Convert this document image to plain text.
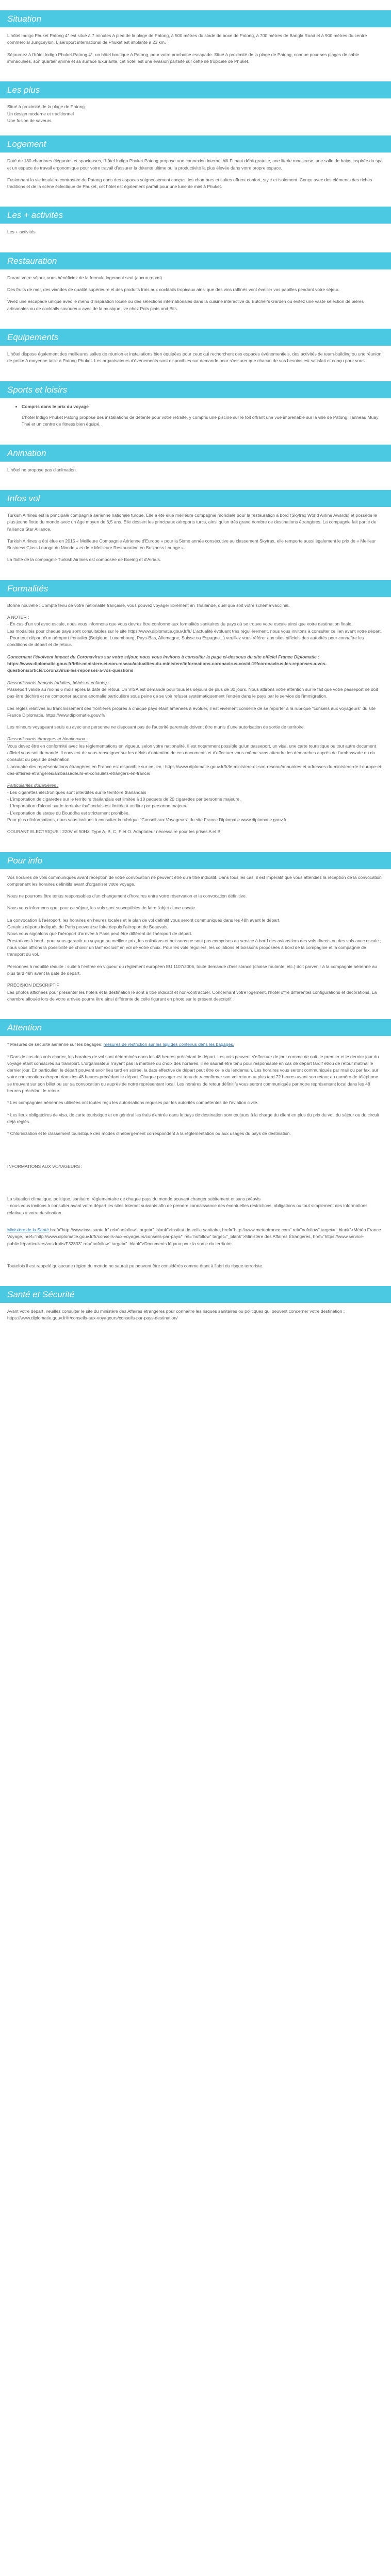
Situation

L'hôtel Indigo Phuket Patong 4* est situé à 7 minutes à pied de la plage de Patong, à 500 mètres du stade de boxe de Patong, à 700 mètres de Bangla Road et à 900 mètres du centre commercial Jungceylon. L'aéroport international de Phuket est implanté à 23 km.

Séjournez à l'hôtel Indigo Phuket Patong 4*, un hôtel boutique à Patong, pour votre prochaine escapade. Situé à proximité de la plage de Patong, connue pour ses plages de sable immaculées, son quartier animé et sa surface luxuriante, cet hôtel est une évasion parfaite sur cette île tropicale de Phuket.

Les plus
Situé à proximité de la plage de Patong
Un design moderne et traditionnel
Une fusion de saveurs
Logement

Doté de 180 chambres élégantes et spacieuses, l'hôtel Indigo Phuket Patong propose une connexion internet Wi-Fi haut débit gratuite, une literie moelleuse, une salle de bains inspirée du spa et un espace de travail ergonomique pour votre travail d'assurer la détente ultime ou la productivité la plus élevée dans votre propre espace.

Fusionnant la vie insulaire contrastée de Patong dans des espaces soigneusement conçus, les chambres et suites offrent confort, style et isolement. Conçu avec des éléments des riches traditions et de la scène éclectique de Phuket, cet hôtel est également parfait pour une lune de miel à Phuket.

Les + activités

Les + activités

Restauration

Durant votre séjour, vous bénéficiez de la formule logement seul (aucun repas).

Des fruits de mer, des viandes de qualité supérieure et des produits frais aux cocktails tropicaux ainsi que des vins raffinés vont éveiller vos papilles pendant votre séjour.

Vivez une escapade unique avec le menu d'inspiration locale ou des sélections internationales dans la cuisine interactive du Butcher's Garden ou évitez une vaste sélection de bières artisanales ou de cocktails savoureux avec de la musique live chez Pots pints and Bits.

Equipements

L'hôtel dispose également des meilleures salles de réunion et installations bien équipées pour ceux qui recherchent des espaces événementiels, des activités de team-building ou une réunion de petite à moyenne taille à Patong Phuket. Les organisateurs d'événements sont disponibles sur demande pour s'assurer que chacun de vos besoins est satisfait et conçu pour vous.

Sports et loisirs
• Compris dans le prix du voyage

L'hôtel Indigo Phuket Patong propose des installations de détente pour votre retraite, y compris une piscine sur le toit offrant une vue imprenable sur la ville de Patong, l'anneau Muay Thai et un centre de fitness bien équipé.

Animation

L'hôtel ne propose pas d'animation.

Infos vol

Turkish Airlines est la principale compagnie aérienne nationale turque. Elle a été élue meilleure compagnie mondiale pour la restauration à bord (Skytrax World Airline Awards) et possède le plus jeune flotte du monde avec un âge moyen de 6,5 ans. Elle dessert les principaux aéroports turcs, ainsi qu'un très grand nombre de destinations étrangères. La compagnie fait partie de l'alliance Star Alliance.

Turkish Airlines a été élue en 2015 « Meilleure Compagnie Aérienne d'Europe » pour la 5ème année consécutive au classement Skytrax, elle remporte aussi également le prix de « Meilleur Business Class Lounge du Monde » et de « Meilleure Restauration en Business Lounge ».

La flotte de la compagnie Turkish Airlines est composée de Boeing et d'Airbus.

Formalités

Bonne nouvelle : Compte tenu de votre nationalité française, vous pouvez voyager librement en Thaïlande, quel que soit votre schéma vaccinal.

A NOTER :
- En cas d'un vol avec escale, nous vous informons que vous devrez être conforme aux formalités sanitaires du pays où se trouve votre escale ainsi que votre destination finale.
Les modalités pour chaque pays sont consultables sur le site https://www.diplomatie.gouv.fr/fr/ L'actualité évoluant très régulièrement, nous vous invitons à consulter ce lien avant votre départ.

- Pour tout départ d'un aéroport frontalier (Belgique, Luxembourg, Pays-Bas, Allemagne, Suisse ou Espagne...) veuillez vous référer aux sites officiels des autorités pour connaître les conditions de départ et de retour.

Concernant l'évolvent impact du Coronavirus sur votre séjour, nous vous invitons à consulter la page ci-dessous du site officiel France Diplomatie :

https://www.diplomatie.gouv.fr/fr/le-ministere-et-son-reseau/actualites-du-ministere/informations-coronavirus-covid-19/coronavirus-les-reponses-a-vos-questions/article/coronavirus-les-reponses-a-vos-questions

Ressortissants français (adultes, bébés et enfants) :

Passeport valide au moins 6 mois après la date de retour. Un VISA est demandé pour tous les séjours de plus de 30 jours. Nous attirons votre attention sur le fait que votre passeport ne doit pas être déchiré et ne comporter aucune anomalie particulière sous peine de se voir refuser systématiquement l'entrée dans le pays par le service de l'immigration.

Les règles relatives au franchissement des frontières propres à chaque pays étant amenées à évoluer, il est vivement conseillé de se reporter à la rubrique "conseils aux voyageurs" du site France Diplomatie, https://www.diplomatie.gouv.fr/.

Les mineurs voyageant seuls ou avec une personne ne disposant pas de l'autorité parentale doivent être munis d'une autorisation de sortie de territoire.

Ressortissants étrangers et binationaux :
Vous devez être en conformité avec les réglementations en vigueur, selon votre nationalité. Il est notamment possible qu'un passeport, un visa, une carte touristique ou tout autre document officiel vous soit demandé. Il convient de vous renseigner sur les délais d'obtention de ces documents et d'effectuer vous-même sans attendre les démarches auprès de l'ambassade ou du consulat du pays de destination.

L'annuaire des représentations étrangères en France est disponible sur ce lien : https://www.diplomatie.gouv.fr/fr/le-ministere-et-son-reseau/annuaires-et-adresses-du-ministere-de-l-europe-et-des-affaires-etrangeres/ambassadeurs-et-consulats-etrangers-en-france/

Particularités douanières :
- Les cigarettes électroniques sont interdites sur le territoire thaïlandais
- L'importation de cigarettes sur le territoire thaïlandais est limitée à 10 paquets de 20 cigarettes par personne majeure.
- L'importation d'alcool sur le territoire thaïlandais est limitée à un litre par personne majeure.
- L'exportation de statue du Bouddha est strictement prohibée.

Pour plus d'informations, nous vous invitons à consulter la rubrique "Conseil aux Voyageurs" du site France Diplomatie www.diplomatie.gouv.fr

COURANT ELECTRIQUE : 220V et 50Hz. Type A, B, C, F et O. Adaptateur nécessaire pour les prises A et B.

Pour info

Vos horaires de vols communiqués avant réception de votre convocation ne peuvent être qu'à titre indicatif. Dans tous les cas, il est impératif que vous attendiez la réception de la convocation comprenant les horaires définitifs avant d'organiser votre voyage.

Nous ne pourrons être tenus responsables d'un changement d'horaires entre votre réservation et la convocation définitive.

Nous vous informons que, pour ce séjour, les vols sont susceptibles de faire l'objet d'une escale.

La convocation à l'aéroport, les horaires en heures locales et le plan de vol définitif vous seront communiqués dans les 48h avant le départ.
Certains départs indiqués de Paris peuvent se faire depuis l'aéroport de Beauvais.
Nous vous signalons que l'aéroport d'arrivée à Paris peut être différent de l'aéroport de départ.

Prestations à bord : pour vous garantir un voyage au meilleur prix, les collations et boissons ne sont pas comprises au service à bord des avions lors des vols directs ou des vols avec escale ; nous vous offrons la possibilité de choisir un tarif exclusif en vol de votre choix. Pour les vols réguliers, les collations et boissons proposées à bord de la compagnie et la compagnie de transport du vol.

Personnes à mobilité réduite : suite à l'entrée en vigueur du règlement européen EU 1107/2006, toute demande d'assistance (chaise roulante, etc.) doit parvenir à la compagnie aérienne au plus tard 48h avant la date de départ.

PRÉCISION DESCRIPTIF

Les photos affichées pour présenter les hôtels et la destination le sont à titre indicatif et non-contractuel. Concernant votre logement, l'hôtel offre différentes configurations et décorations. La chambre allouée lors de votre arrivée pourra être ainsi différente de celle figurant en photo sur le présent descriptif.

Attention

* Mesures de sécurité aérienne sur les bagages: mesures de restriction sur les liquides contenus dans les bagages.

* Dans le cas des vols charter, les horaires de vol sont déterminés dans les 48 heures précédant le départ. Les vols peuvent s'effectuer de jour comme de nuit, le premier et le dernier jour du voyage étant consacrés au transport. L'organisateur n'ayant pas la maîtrise du choix des horaires, il ne saurait être tenu pour responsable en cas de départ tardif et/ou de retour matinal le dernier jour. En particulier, le départ pouvant avoir lieu tard en soirée, la date effective de départ peut être celle du lendemain. Les horaires vous seront communiqués par mail ou par fax, sur votre convocation aéroport dans les 48 heures précédant le départ. Chaque passager est tenu de reconfirmer son vol retour au plus tard 72 heures avant son retour au numéro de téléphone se trouvant sur son billet ou sur sa convocation ou auprès de notre représentant local. Les horaires de retour définitifs vous seront communiqués par notre représentant local dans les 48 heures précédant le retour.

* Les compagnies aériennes utilisées ont toutes reçu les autorisations requises par les autorités compétentes de l'aviation civile.

* Les lieux obligatoires de visa, de carte touristique et en général les frais d'entrée dans le pays de destination sont toujours à la charge du client en plus du prix du vol, du séjour ou du circuit déjà réglés.

* Chlorinization et le classement touristique des modes d'hébergement correspondent à la réglementation ou aux usages du pays de destination.

INFORMATIONS AUX VOYAGEURS :

La situation climatique, politique, sanitaire, réglementaire de chaque pays du monde pouvant changer subitement et sans préavis

- nous vous invitons à consulter avant votre départ les sites Internet suivants afin de prendre connaissance des éventuelles restrictions, obligations ou tout simplement des informations relatives à votre destination.

Ministère de la Santé href="http://www.invs.sante.fr" rel="nofollow" target="_blank">Institut de veille sanitaire, href="http://www.meteofrance.com" rel="nofollow" target="_blank">Météo France Voyage, href="http://www.diplomatie.gouv.fr/fr/conseils-aux-voyageurs/conseils-par-pays/" rel="nofollow" target="_blank">Ministère des Affaires Étrangères, href="https://www.service-public.fr/particuliers/vosdroits/F32833" rel="nofollow" target="_blank">Documents légaux pour la sortie du territoire.

Toutefois il est rappelé qu'aucune région du monde ne saurait pu peuvent être considérés comme étant à l'abri du risque terroriste.

Santé et Sécurité

Avant votre départ, veuillez consulter le site du ministère des Affaires étrangères pour connaître les risques sanitaires ou politiques qui peuvent concerner votre destination : https://www.diplomatie.gouv.fr/fr/conseils-aux-voyageurs/conseils-par-pays-destination/
